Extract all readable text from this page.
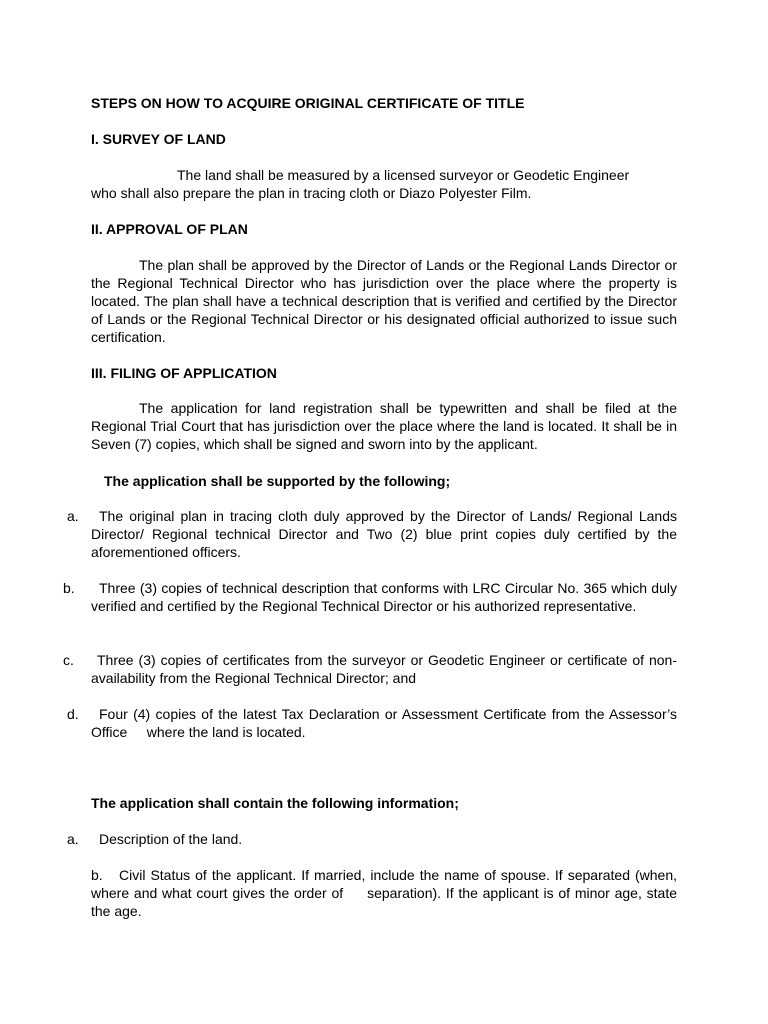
STEPS ON HOW TO ACQUIRE ORIGINAL CERTIFICATE OF TITLE

I. SURVEY OF LAND

The land shall be measured by a licensed surveyor or Geodetic Engineer

who shall also prepare the plan in tracing cloth or Diazo Polyester Film.

II. APPROVAL OF PLAN

The plan shall be approved by the Director of Lands or the Regional Lands Director or the Regional Technical Director who has jurisdiction over the place where the property is located. The plan shall have a technical description that is verified and certified by the Director of Lands or the Regional Technical Director or his designated official authorized to issue such certification.

III. FILING OF APPLICATION

The application for land registration shall be typewritten and shall be filed at the Regional Trial Court that has jurisdiction over the place where the land is located. It shall be in Seven (7) copies, which shall be signed and sworn into by the applicant.

The application shall be supported by the following;

a.	The original plan in tracing cloth duly approved by the Director of Lands/ Regional Lands Director/ Regional technical Director and Two (2) blue print copies duly certified by the aforementioned officers.

b.	Three (3) copies of technical description that conforms with LRC Circular No. 365 which duly verified and certified by the Regional Technical Director or his authorized representative.

c.	Three (3) copies of certificates from the surveyor or Geodetic Engineer or certificate of non-availability from the Regional Technical Director; and

d.	Four (4) copies of the latest Tax Declaration or Assessment Certificate from the Assessor’s Office     where the land is located.

The application shall contain the following information;

a. Description of the land.

b.	Civil Status of the applicant. If married, include the name of spouse. If separated (when, where and what court gives the order of     separation). If the applicant is of minor age, state the age.
